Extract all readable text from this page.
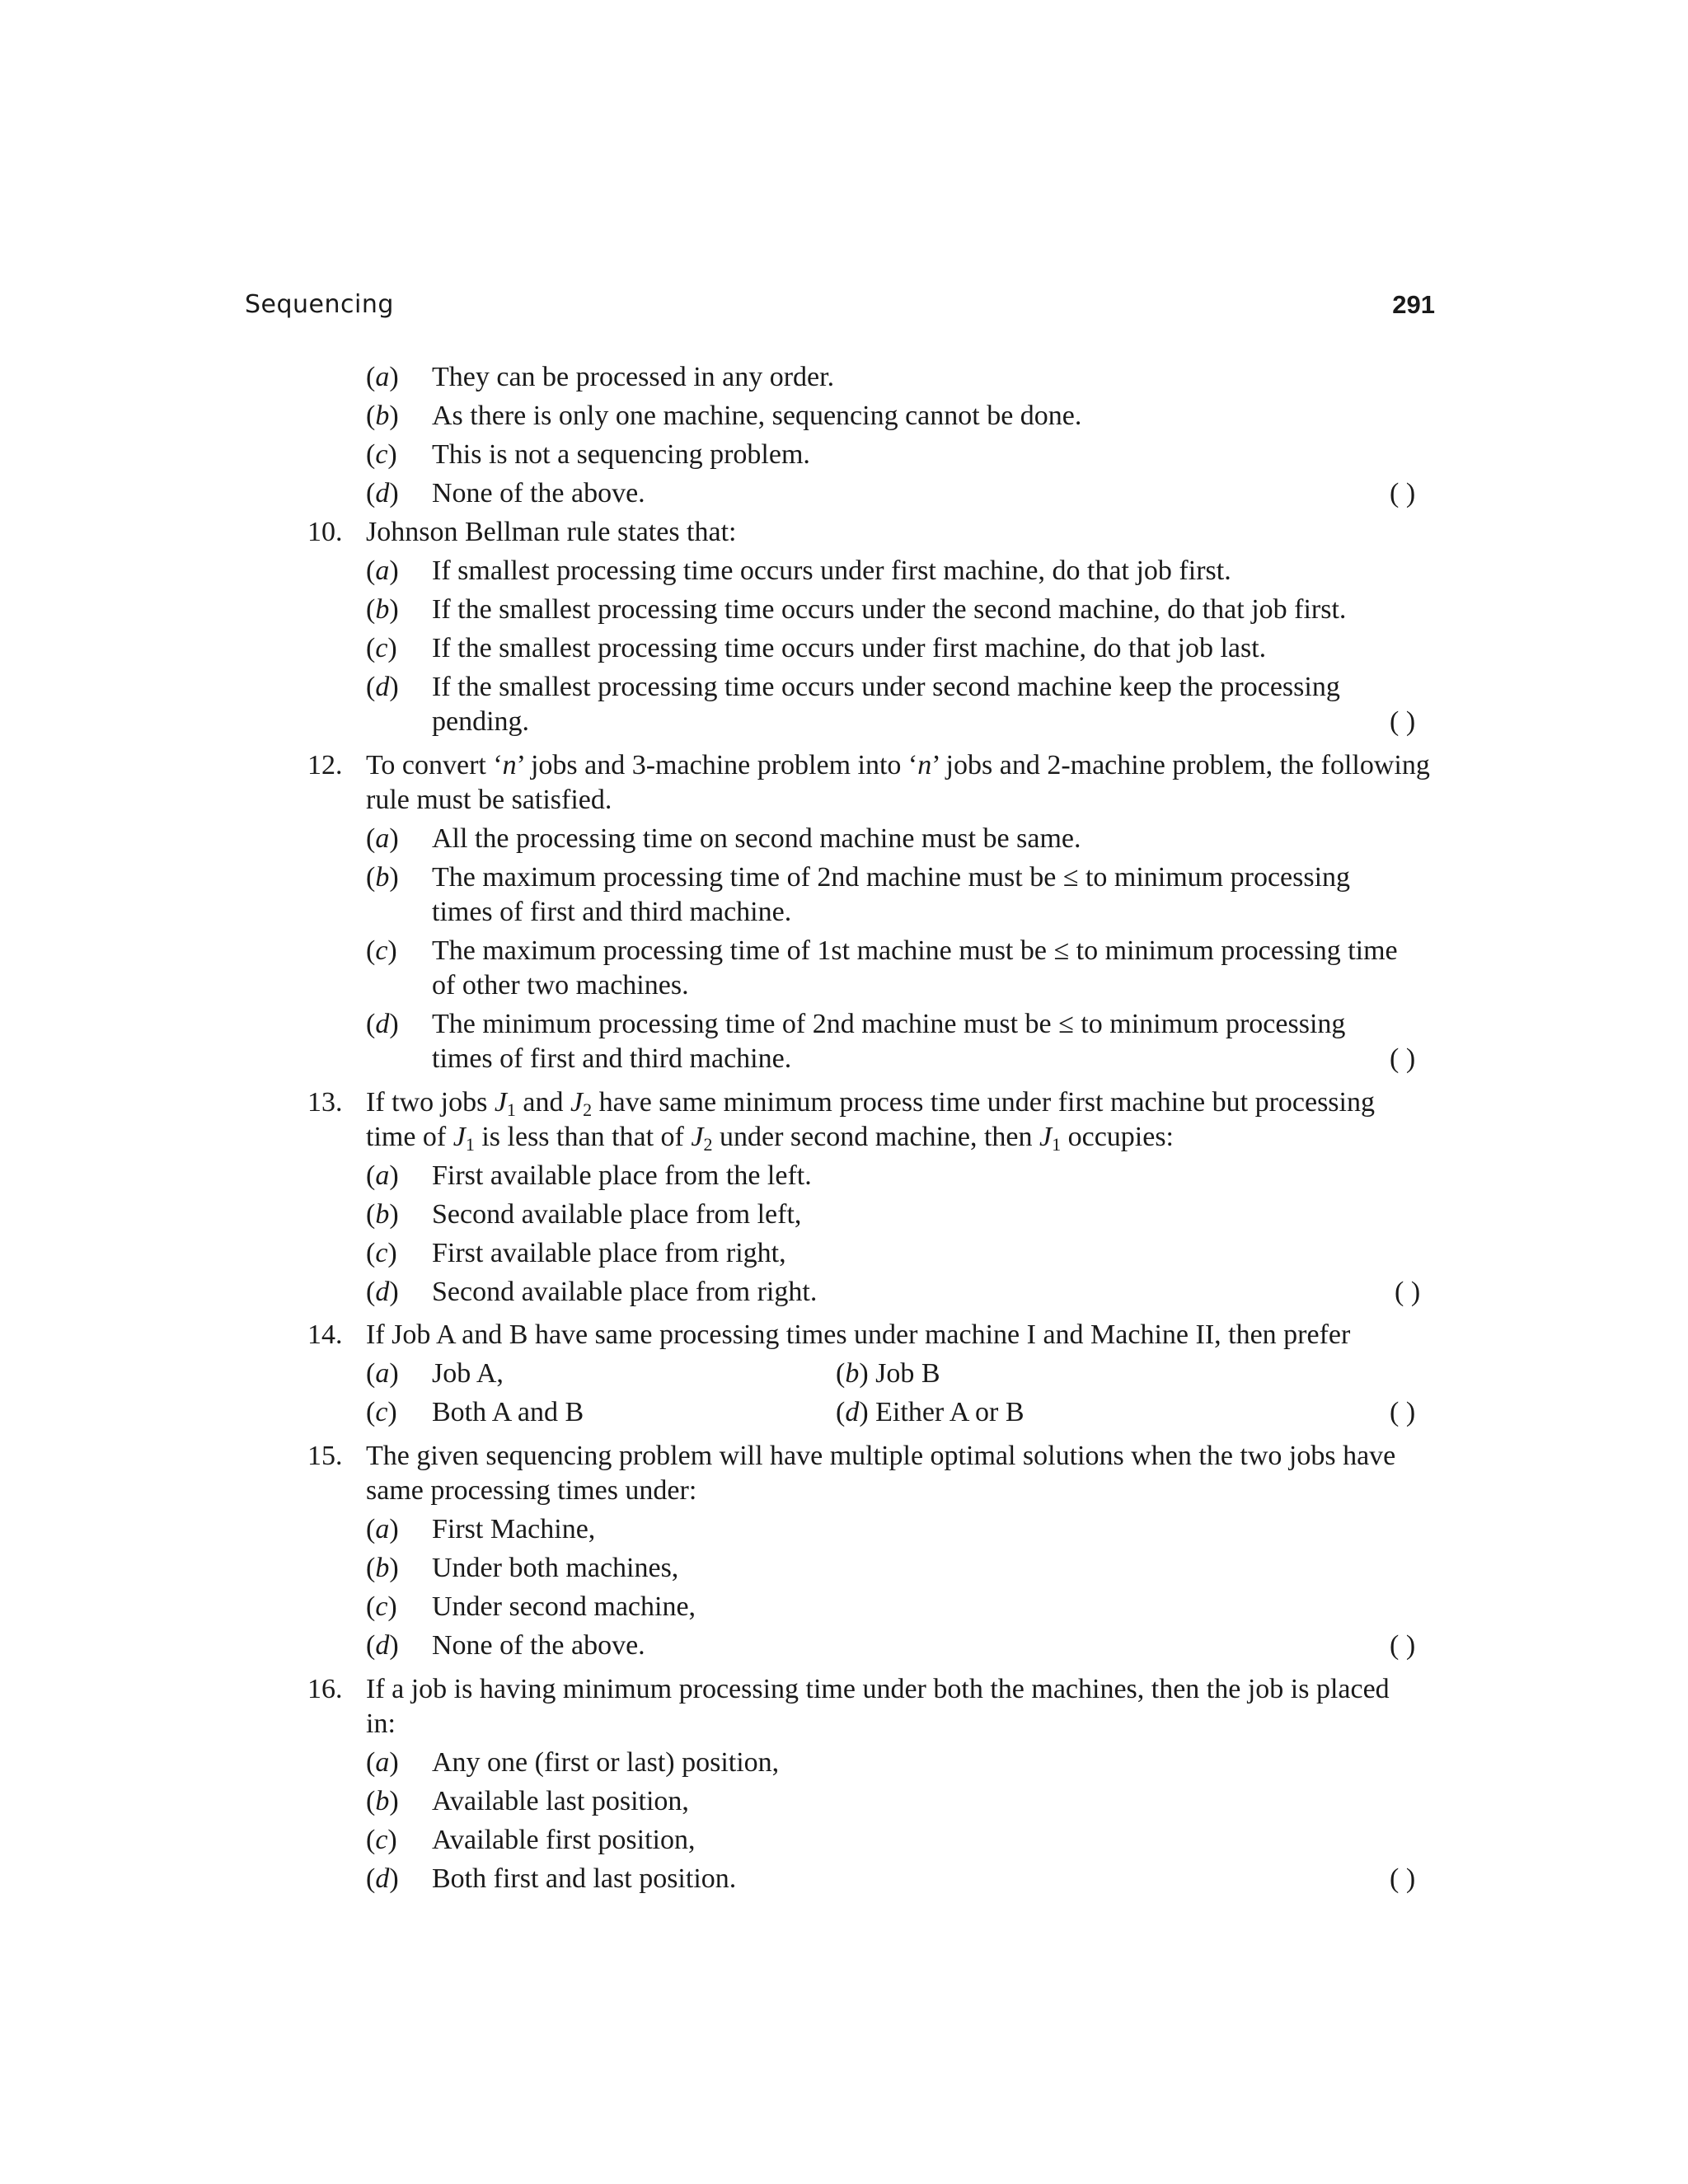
Sequencing	291
(a)	They can be processed in any order.
(b)	As there is only one machine, sequencing cannot be done.
(c)	This is not a sequencing problem.
(d)	None of the above.	( )
10. Johnson Bellman rule states that:
(a)	If smallest processing time occurs under first machine, do that job first.
(b)	If the smallest processing time occurs under the second machine, do that job first.
(c)	If the smallest processing time occurs under first machine, do that job last.
(d)	If the smallest processing time occurs under second machine keep the processing
pending.	( )
12. To convert ‘n’ jobs and 3-machine problem into ‘n’ jobs and 2-machine problem, the following
rule must be satisfied.
(a)	All the processing time on second machine must be same.
(b)	The maximum processing time of 2nd machine must be ≤ to minimum processing
times of first and third machine.
(c)	The maximum processing time of 1st machine must be ≤ to minimum processing time
of other two machines.
(d)	The minimum processing time of 2nd machine must be ≤ to minimum processing
times of first and third machine.	( )
13. If two jobs $J_1$ and $J_2$ have same minimum process time under first machine but processing
time of $J_1$ is less than that of $J_2$ under second machine, then $J_1$ occupies:
(a)	First available place from the left.
(b)	Second available place from left,
(c)	First available place from right,
(d)	Second available place from right.	( )
14. If Job A and B have same processing times under machine I and Machine II, then prefer
(a)	Job A,	(b) Job B
(c)	Both A and B	(d) Either A or B	( )
15. The given sequencing problem will have multiple optimal solutions when the two jobs have
same processing times under:
(a)	First Machine,
(b)	Under both machines,
(c)	Under second machine,
(d)	None of the above.	( )
16. If a job is having minimum processing time under both the machines, then the job is placed
in:
(a)	Any one (first or last) position,
(b)	Available last position,
(c)	Available first position,
(d)	Both first and last position.	( )
